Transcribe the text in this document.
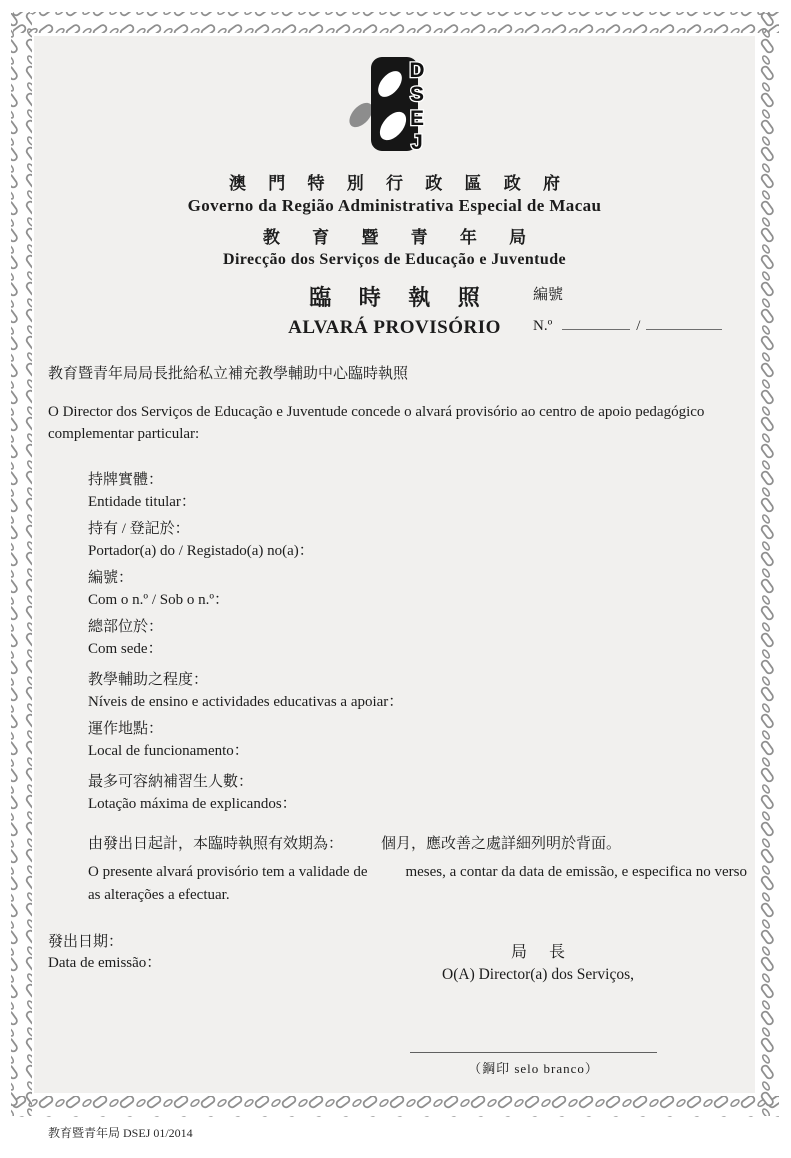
D
S
E
J
澳 門 特 別 行 政 區 政 府
Governo da Região Administrativa Especial de Macau
教 育 暨 青 年 局
Direcção dos Serviços de Educação e Juventude
臨 時 執 照
ALVARÁ PROVISÓRIO
編號
N.º	/
教育暨青年局局長批給私立補充教學輔助中心臨時執照
O Director dos Serviços de Educação e Juventude concede o alvará provisório ao centro de apoio pedagógico complementar particular:
持牌實體：
Entidade titular：
持有 / 登記於：
Portador(a) do / Registado(a) no(a)：
編號：
Com o n.º / Sob o n.º：
總部位於：
Com sede：
教學輔助之程度：
Níveis de ensino e actividades educativas a apoiar：
運作地點：
Local de funcionamento：
最多可容納補習生人數：
Lotação máxima de explicandos：
由發出日起計，本臨時執照有效期為：	個月，應改善之處詳細列明於背面。
O presente alvará provisório tem a validade de	meses, a contar da data de emissão, e especifica no verso as alterações a efectuar.
發出日期：
Data de emissão：
局 長
O(A) Director(a) dos Serviços,
（鋼印 selo branco）
教育暨青年局 DSEJ 01/2014
